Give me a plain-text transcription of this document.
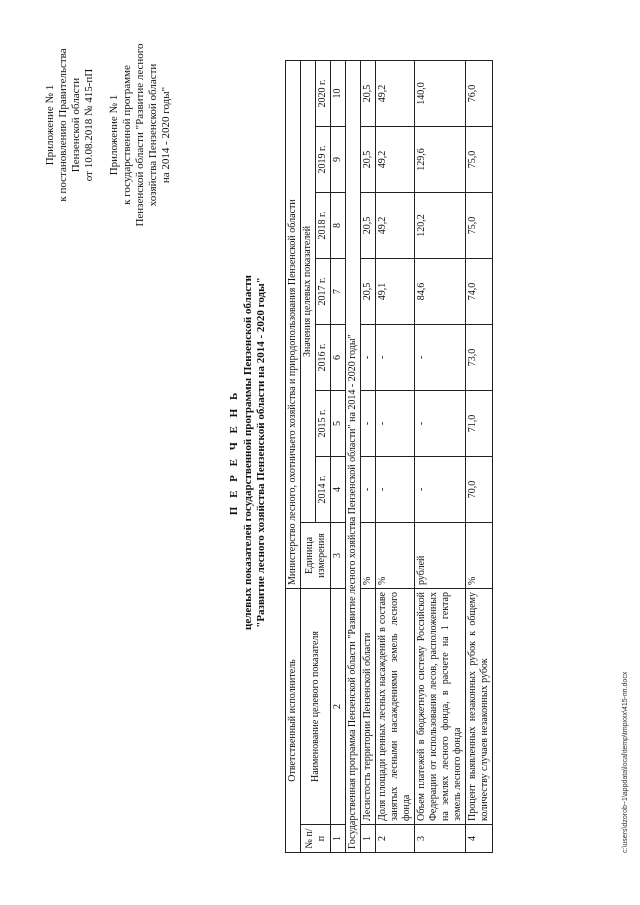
Приложение № 1 к постановлению Правительства Пензенской области от 10.08.2018 № 415-пП Приложение № 1 к государственной программе Пензенской области "Развитие лесного хозяйства Пензенской области на 2014 - 2020 годы"
П Е Р Е Ч Е Н Ь целевых показателей государственной программы Пензенской области "Развитие лесного хозяйства Пензенской области на 2014 - 2020 годы"
Ответственный исполнитель		Министерство лесного, охотничьего хозяйства и природопользования Пензенской области							
№ п/п	Наименование целевого показателя	Единица измерения	Значения целевых показателей						
			2014 г.	2015 г.	2016 г.	2017 г.	2018 г.	2019 г.	2020 г.
1	2	3	4	5	6	7	8	9	10
Государственная программа Пензенской области "Развитие лесного хозяйства Пензенской области" на 2014 - 2020 годы"									
1	Лесистость территории Пензенской области	%	-	-	-	20,5	20,5	20,5	20,5
2	Доля площади ценных лесных насаждений в составе занятых лесными насаждениями земель лесного фонда	%	-	-	-	49,1	49,2	49,2	49,2
3	Объем платежей в бюджетную систему Российской Федерации от использования лесов, расположенных на землях лесного фонда, в расчете на 1 гектар земель лесного фонда	рублей	-	-	-	84,6	120,2	129,6	140,0
4	Процент выявленных незаконных рубок к общему количеству случаев незаконных рубок	%	70,0	71,0	73,0	74,0	75,0	75,0	76,0
c:\users\dzorob~1\appdata\local\temp\tmpxxx\415-пп.docx
